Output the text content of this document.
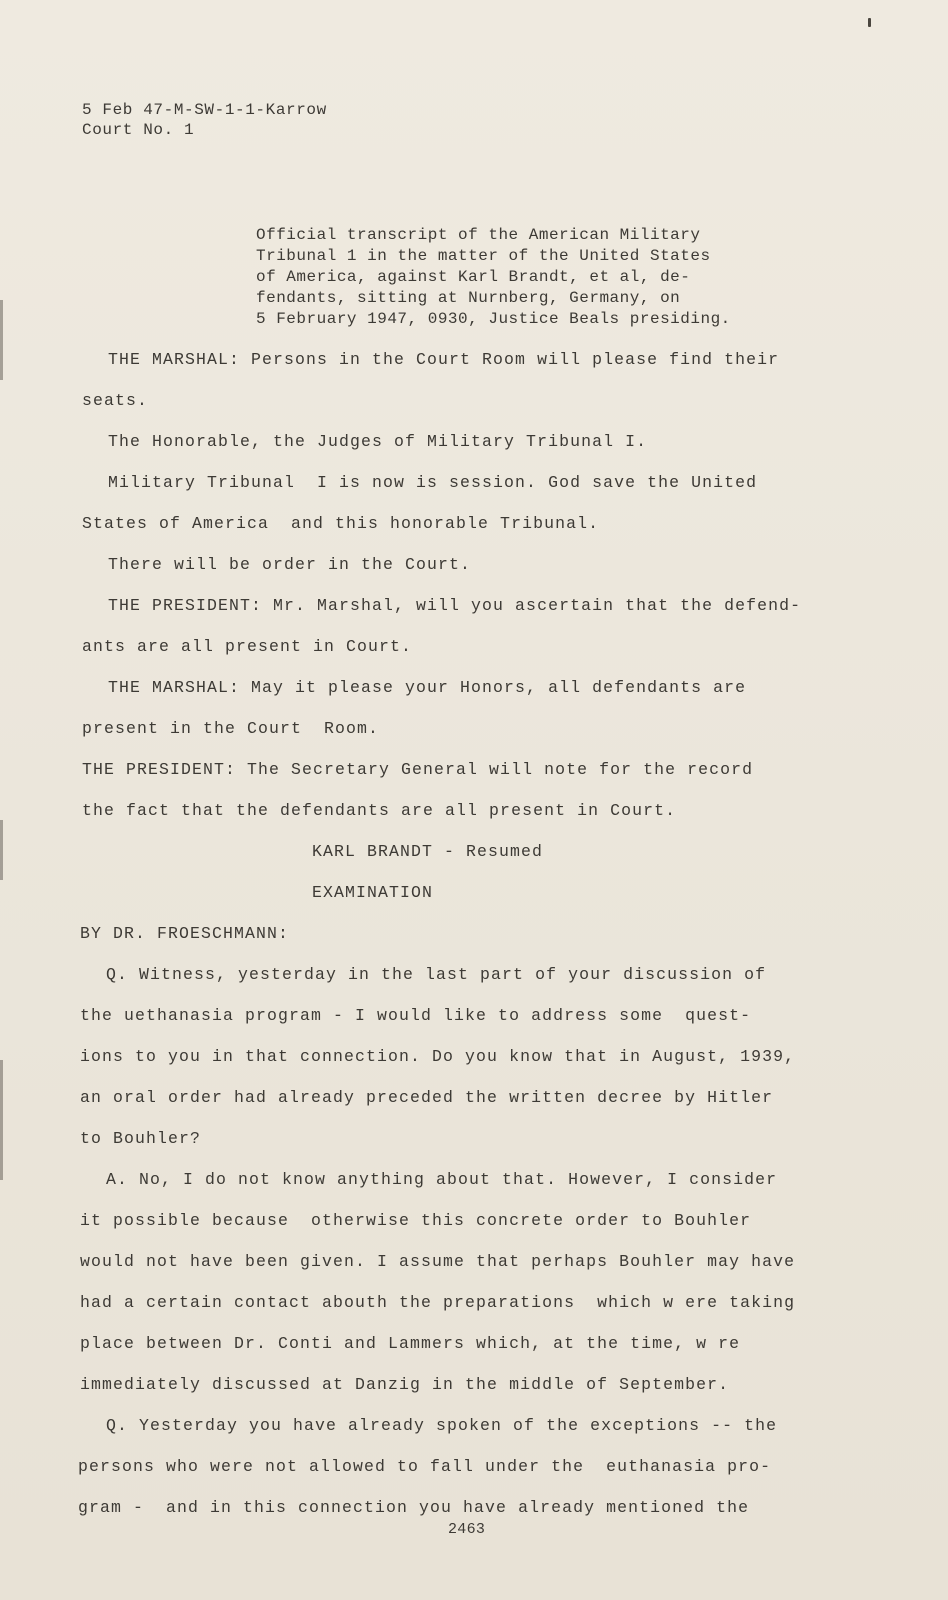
5 Feb 47-M-SW-1-1-Karrow
Court No. 1
Official transcript of the American Military
Tribunal 1 in the matter of the United States
of America, against Karl Brandt, et al, de-
fendants, sitting at Nurnberg, Germany, on
5 February 1947, 0930, Justice Beals presiding.
THE MARSHAL: Persons in the Court Room will please find their
seats.
The Honorable, the Judges of Military Tribunal I.
Military Tribunal  I is now is session. God save the United
States of America  and this honorable Tribunal.
There will be order in the Court.
THE PRESIDENT: Mr. Marshal, will you ascertain that the defend-
ants are all present in Court.
THE MARSHAL: May it please your Honors, all defendants are
present in the Court  Room.
THE PRESIDENT: The Secretary General will note for the record
the fact that the defendants are all present in Court.
KARL BRANDT - Resumed
EXAMINATION
BY DR. FROESCHMANN:
Q. Witness, yesterday in the last part of your discussion of
the uethanasia program - I would like to address some  quest-
ions to you in that connection. Do you know that in August, 1939,
an oral order had already preceded the written decree by Hitler
to Bouhler?
A. No, I do not know anything about that. However, I consider
it possible because  otherwise this concrete order to Bouhler
would not have been given. I assume that perhaps Bouhler may have
had a certain contact abouth the preparations  which w ere taking
place between Dr. Conti and Lammers which, at the time, w re
immediately discussed at Danzig in the middle of September.
Q. Yesterday you have already spoken of the exceptions -- the
persons who were not allowed to fall under the  euthanasia pro-
gram -  and in this connection you have already mentioned the
2463
